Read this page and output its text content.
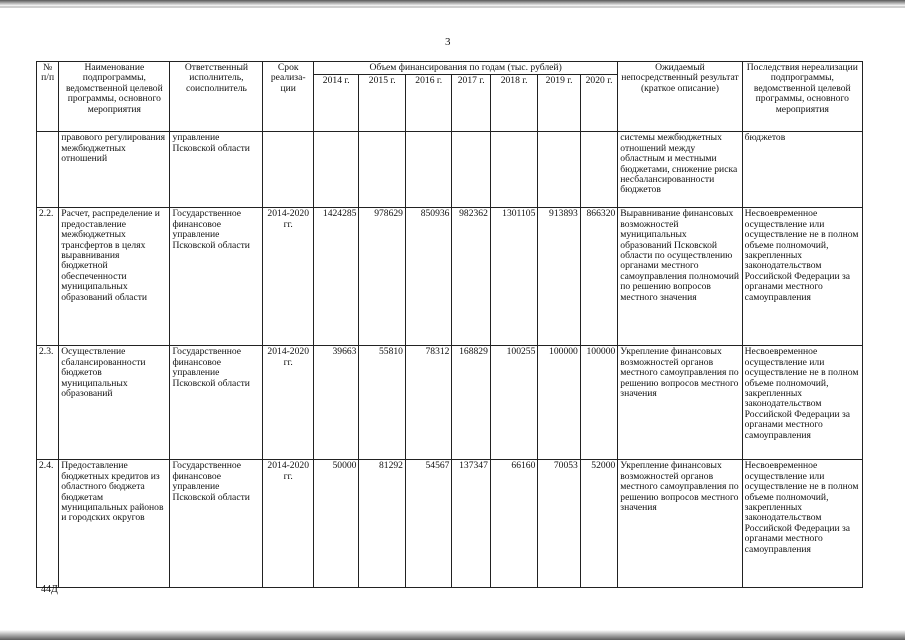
3
№ п/п	Наименование подпрограммы, ведомственной целевой программы, основного мероприятия	Ответственный исполнитель, соисполнитель	Срок реализа-ции	Объем финансирования по годам (тыс. рублей)							Ожидаемый непосредственный результат (краткое описание)	Последствия нереализации подпрограммы, ведомственной целевой программы, основного мероприятия
				2014 г.	2015 г.	2016 г.	2017 г.	2018 г.	2019 г.	2020 г.		
	правового регулирования межбюджетных отношений	управление Псковской области									системы межбюджетных отношений между областным и местными бюджетами, снижение риска несбалансированности бюджетов	бюджетов
2.2.	Расчет, распределение и предоставление межбюджетных трансфертов в целях выравнивания бюджетной обеспеченности муниципальных образований области	Государственное финансовое управление Псковской области	2014-2020 гг.	1424285	978629	850936	982362	1301105	913893	866320	Выравнивание финансовых возможностей муниципальных образований Псковской области по осуществлению органами местного самоуправления полномочий по решению вопросов местного значения	Несвоевременное осуществление или осуществление не в полном объеме полномочий, закрепленных законодательством Российской Федерации за органами местного самоуправления
2.3.	Осуществление сбалансированности бюджетов муниципальных образований	Государственное финансовое управление Псковской области	2014-2020 гг.	39663	55810	78312	168829	100255	100000	100000	Укрепление финансовых возможностей органов местного самоуправления по решению вопросов местного значения	Несвоевременное осуществление или осуществление не в полном объеме полномочий, закрепленных законодательством Российской Федерации за органами местного самоуправления
2.4.	Предоставление бюджетных кредитов из областного бюджета бюджетам муниципальных районов и городских округов	Государственное финансовое управление Псковской области	2014-2020 гг.	50000	81292	54567	137347	66160	70053	52000	Укрепление финансовых возможностей органов местного самоуправления по решению вопросов местного значения	Несвоевременное осуществление или осуществление не в полном объеме полномочий, закрепленных законодательством Российской Федерации за органами местного самоуправления
44Д
